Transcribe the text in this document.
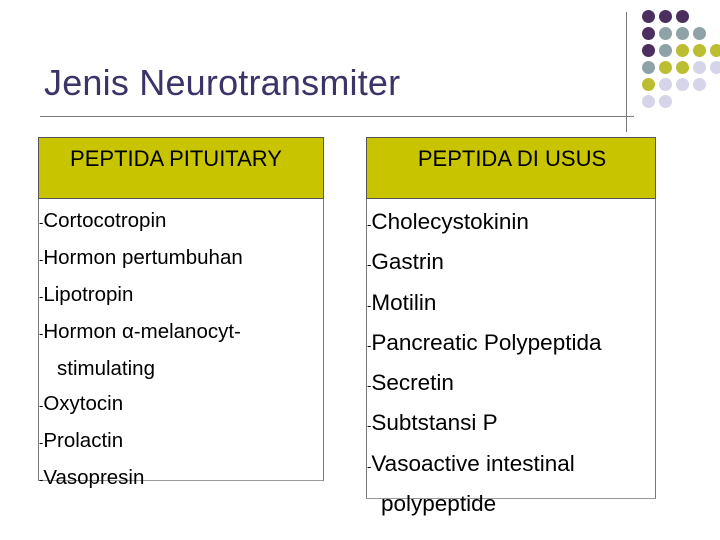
Jenis Neurotransmiter
PEPTIDA PITUITARY
-Cortocotropin
-Hormon pertumbuhan
-Lipotropin
-Hormon α-melanocyt-
stimulating
-Oxytocin
-Prolactin
-Vasopresin
PEPTIDA DI USUS
-Cholecystokinin
-Gastrin
-Motilin
-Pancreatic Polypeptida
-Secretin
-Subtstansi P
-Vasoactive intestinal
polypeptide
